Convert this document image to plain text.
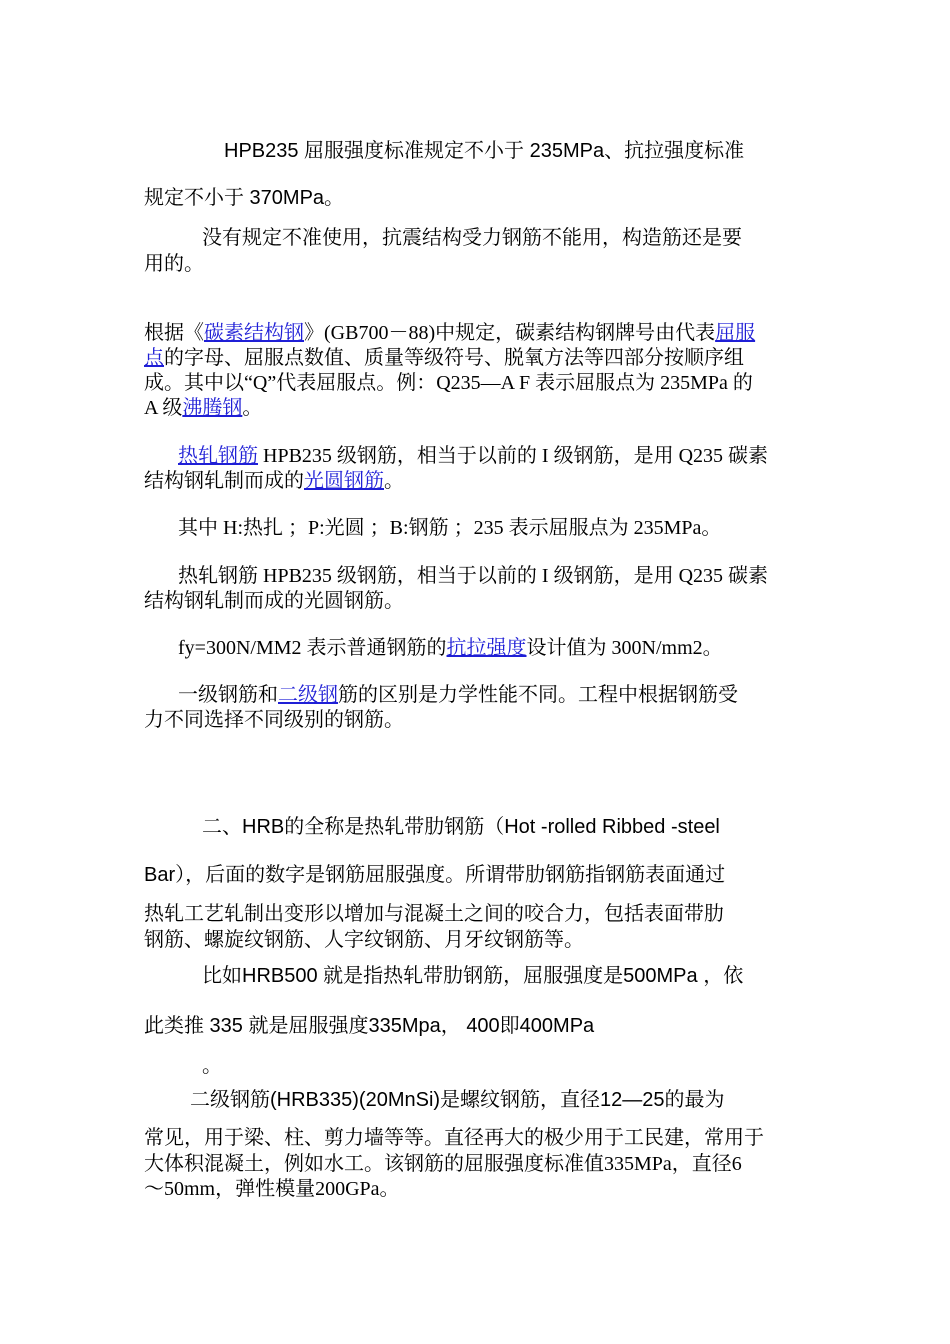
HPB235 屈服强度标准规定不小于 235MPa、抗拉强度标准
规定不小于 370MPa。
没有规定不准使用，抗震结构受力钢筋不能用，构造筋还是要
用的。
根据《碳素结构钢》(GB700－88)中规定，碳素结构钢牌号由代表屈服
点的字母、屈服点数值、质量等级符号、脱氧方法等四部分按顺序组
成。其中以“Q”代表屈服点。例：Q235—A F 表示屈服点为 235MPa 的
A 级沸腾钢。
热轧钢筋 HPB235 级钢筋，相当于以前的 I 级钢筋，是用 Q235 碳素
结构钢轧制而成的光圆钢筋。
其中 H:热扎 ；P:光圆 ；B:钢筋 ；235 表示屈服点为 235MPa。
热轧钢筋 HPB235 级钢筋，相当于以前的 I 级钢筋，是用 Q235 碳素
结构钢轧制而成的光圆钢筋。
fy=300N/MM2 表示普通钢筋的抗拉强度设计值为 300N/mm2。
一级钢筋和二级钢筋的区别是力学性能不同。工程中根据钢筋受
力不同选择不同级别的钢筋。
二、HRB的全称是热轧带肋钢筋（Hot -rolled Ribbed -steel
Bar），后面的数字是钢筋屈服强度。所谓带肋钢筋指钢筋表面通过
热轧工艺轧制出变形以增加与混凝土之间的咬合力，包括表面带肋
钢筋、螺旋纹钢筋、人字纹钢筋、月牙纹钢筋等。
比如HRB500 就是指热轧带肋钢筋，屈服强度是500MPa ，依
此类推 335 就是屈服强度335Mpa， 400即400MPa
。
二级钢筋(HRB335)(20MnSi)是螺纹钢筋，直径12—25的最为
常见，用于梁、柱、剪力墙等等。直径再大的极少用于工民建，常用于
大体积混凝土，例如水工。该钢筋的屈服强度标准值335MPa，直径6
～50mm，弹性模量200GPa。
